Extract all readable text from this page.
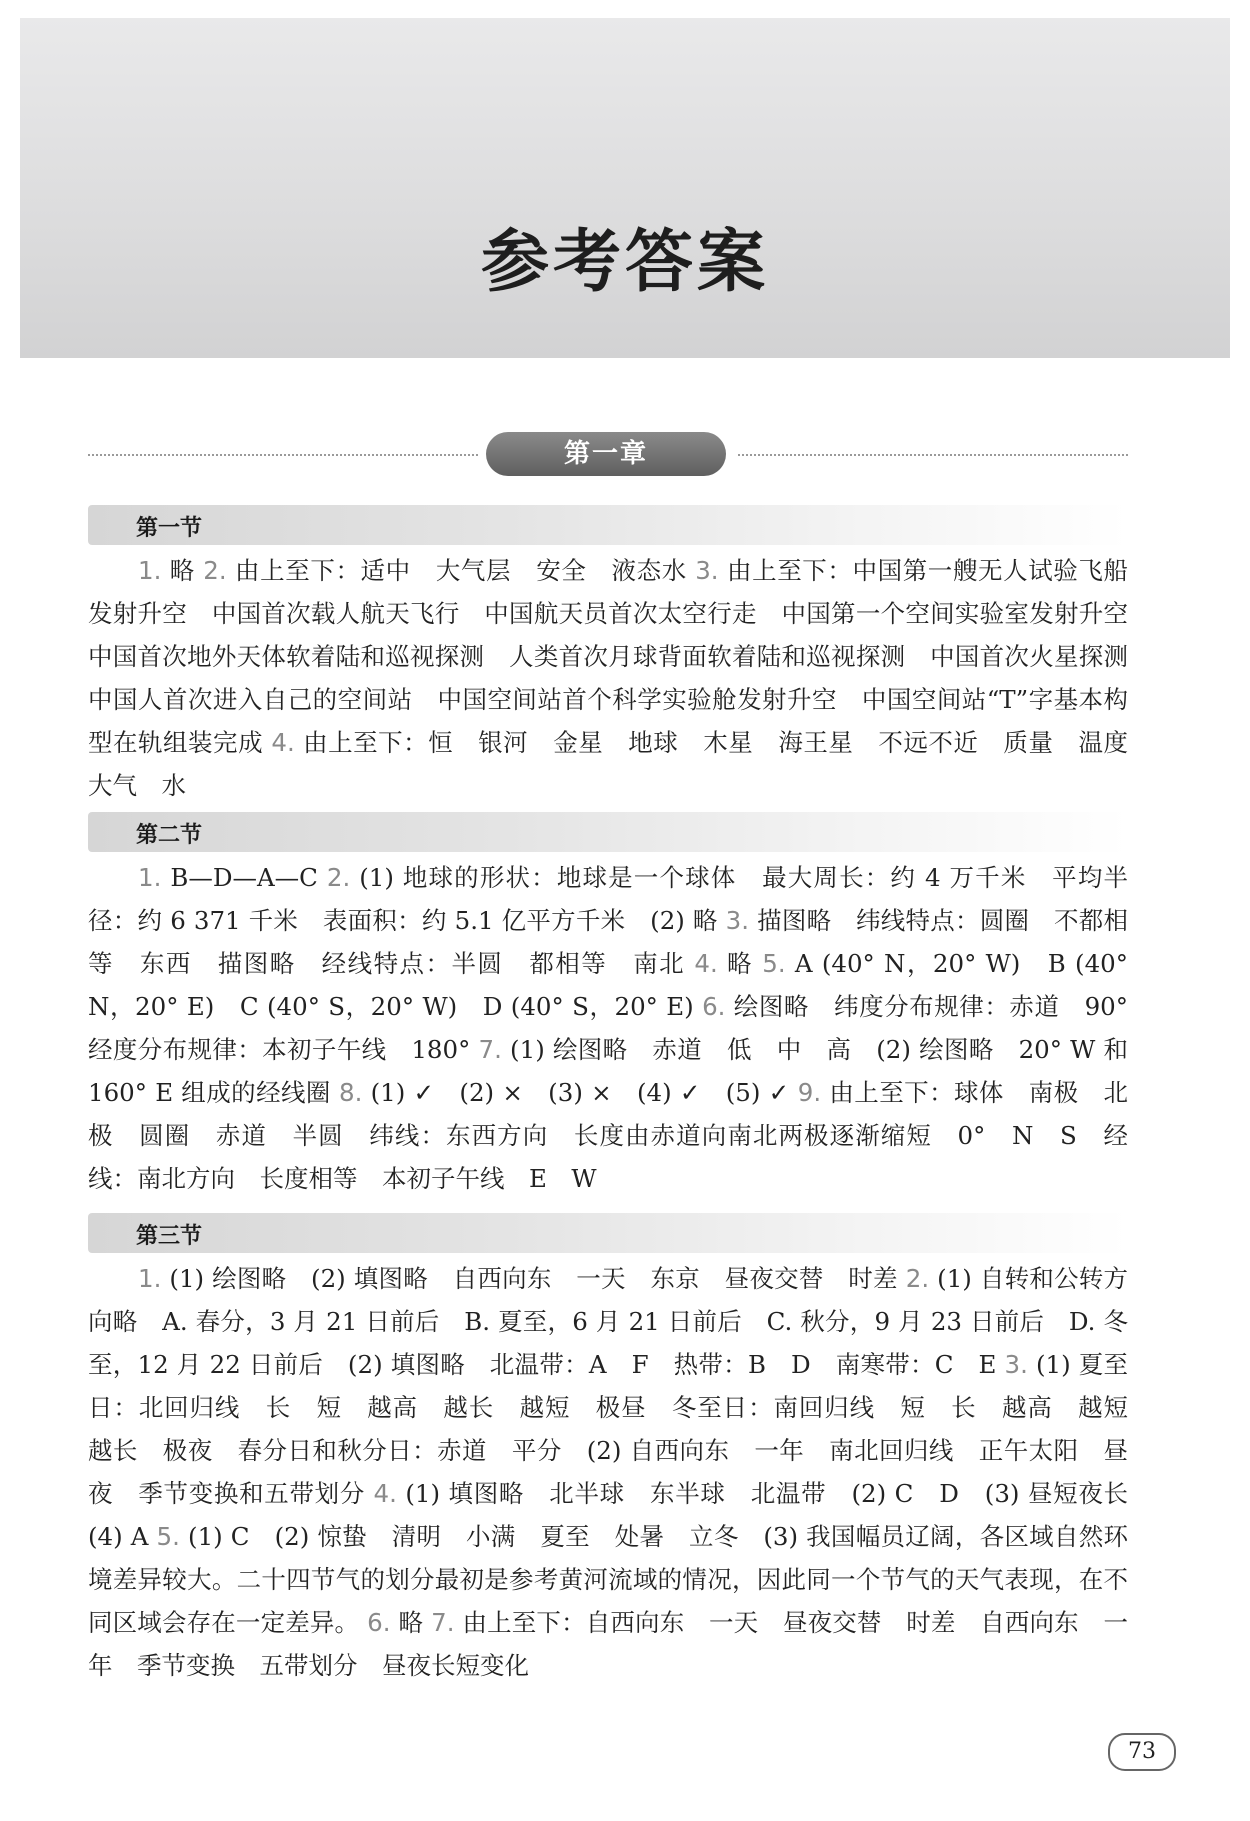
参考答案
第一章
第一节
1. 略 2. 由上至下：适中　大气层　安全　液态水 3. 由上至下：中国第一艘无人试验飞船发射升空　中国首次载人航天飞行　中国航天员首次太空行走　中国第一个空间实验室发射升空　中国首次地外天体软着陆和巡视探测　人类首次月球背面软着陆和巡视探测　中国首次火星探测　中国人首次进入自己的空间站　中国空间站首个科学实验舱发射升空　中国空间站“T”字基本构型在轨组装完成 4. 由上至下：恒　银河　金星　地球　木星　海王星　不远不近　质量　温度　大气　水
第二节
1. B—D—A—C 2. (1) 地球的形状：地球是一个球体　最大周长：约 4 万千米　平均半径：约 6 371 千米　表面积：约 5.1 亿平方千米　(2) 略 3. 描图略　纬线特点：圆圈　不都相等　东西　描图略　经线特点：半圆　都相等　南北 4. 略 5. A (40° N，20° W)　B (40° N，20° E)　C (40° S，20° W)　D (40° S，20° E) 6. 绘图略　纬度分布规律：赤道　90°　经度分布规律：本初子午线　180° 7. (1) 绘图略　赤道　低　中　高　(2) 绘图略　20° W 和 160° E 组成的经线圈 8. (1) ✓　(2) ×　(3) ×　(4) ✓　(5) ✓ 9. 由上至下：球体　南极　北极　圆圈　赤道　半圆　纬线：东西方向　长度由赤道向南北两极逐渐缩短　0°　N　S　经线：南北方向　长度相等　本初子午线　E　W
第三节
1. (1) 绘图略　(2) 填图略　自西向东　一天　东京　昼夜交替　时差 2. (1) 自转和公转方向略　A. 春分，3 月 21 日前后　B. 夏至，6 月 21 日前后　C. 秋分，9 月 23 日前后　D. 冬至，12 月 22 日前后　(2) 填图略　北温带：A　F　热带：B　D　南寒带：C　E 3. (1) 夏至日：北回归线　长　短　越高　越长　越短　极昼　冬至日：南回归线　短　长　越高　越短　越长　极夜　春分日和秋分日：赤道　平分　(2) 自西向东　一年　南北回归线　正午太阳　昼夜　季节变换和五带划分 4. (1) 填图略　北半球　东半球　北温带　(2) C　D　(3) 昼短夜长　(4) A 5. (1) C　(2) 惊蛰　清明　小满　夏至　处暑　立冬　(3) 我国幅员辽阔，各区域自然环境差异较大。二十四节气的划分最初是参考黄河流域的情况，因此同一个节气的天气表现，在不同区域会存在一定差异。 6. 略 7. 由上至下：自西向东　一天　昼夜交替　时差　自西向东　一年　季节变换　五带划分　昼夜长短变化
73
